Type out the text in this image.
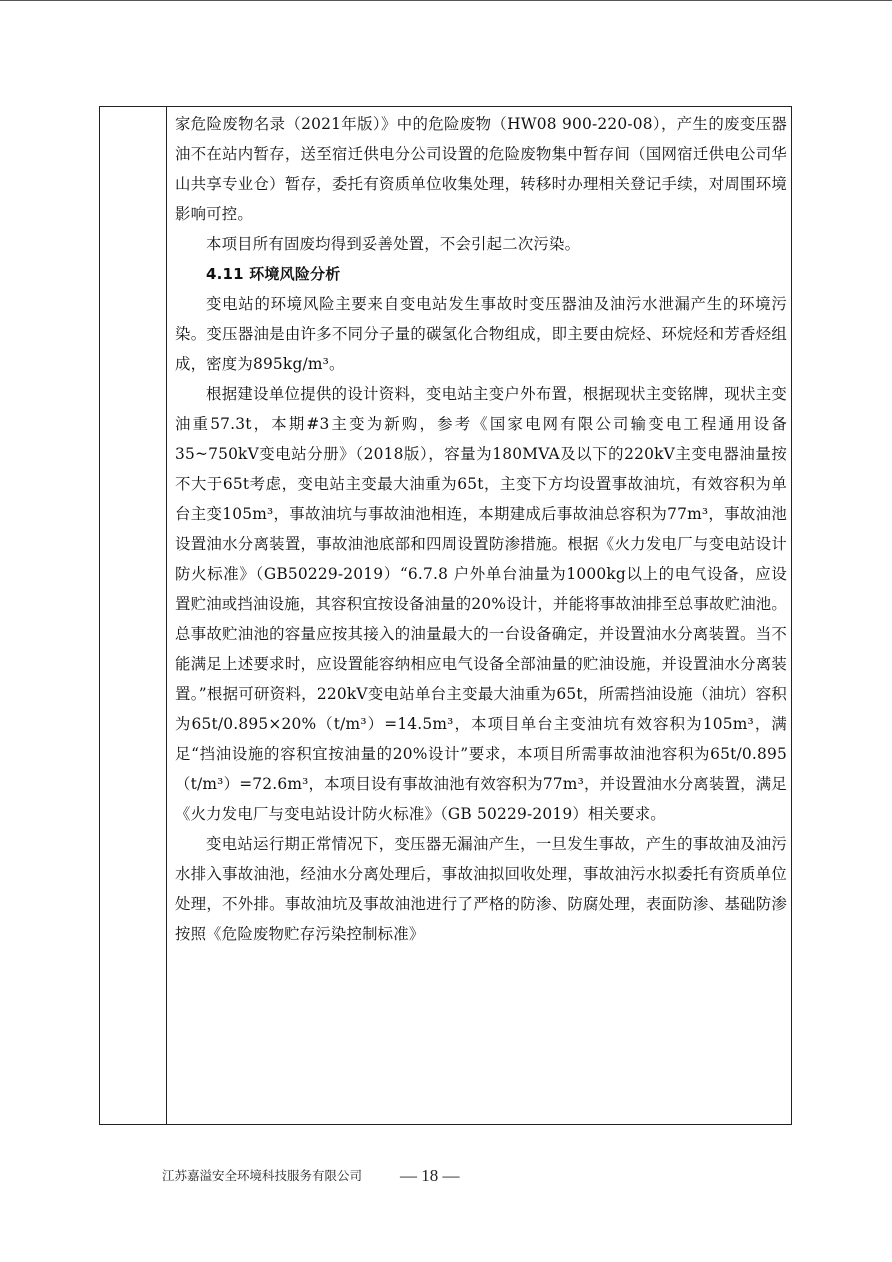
家危险废物名录（2021年版）》中的危险废物（HW08 900-220-08），产生的废变压器油不在站内暂存，送至宿迁供电分公司设置的危险废物集中暂存间（国网宿迁供电公司华山共享专业仓）暂存，委托有资质单位收集处理，转移时办理相关登记手续，对周围环境影响可控。

本项目所有固废均得到妥善处置，不会引起二次污染。

4.11 环境风险分析

变电站的环境风险主要来自变电站发生事故时变压器油及油污水泄漏产生的环境污染。变压器油是由许多不同分子量的碳氢化合物组成，即主要由烷烃、环烷烃和芳香烃组成，密度为895kg/m³。

根据建设单位提供的设计资料，变电站主变户外布置，根据现状主变铭牌，现状主变油重57.3t，本期#3主变为新购，参考《国家电网有限公司输变电工程通用设备35~750kV变电站分册》（2018版），容量为180MVA及以下的220kV主变电器油量按不大于65t考虑，变电站主变最大油重为65t，主变下方均设置事故油坑，有效容积为单台主变105m³，事故油坑与事故油池相连，本期建成后事故油总容积为77m³，事故油池设置油水分离装置，事故油池底部和四周设置防渗措施。根据《火力发电厂与变电站设计防火标准》（GB50229-2019）“6.7.8 户外单台油量为1000kg以上的电气设备，应设置贮油或挡油设施，其容积宜按设备油量的20%设计，并能将事故油排至总事故贮油池。总事故贮油池的容量应按其接入的油量最大的一台设备确定，并设置油水分离装置。当不能满足上述要求时，应设置能容纳相应电气设备全部油量的贮油设施，并设置油水分离装置。”根据可研资料，220kV变电站单台主变最大油重为65t，所需挡油设施（油坑）容积为65t/0.895×20%（t/m³）=14.5m³，本项目单台主变油坑有效容积为105m³，满足“挡油设施的容积宜按油量的20%设计”要求，本项目所需事故油池容积为65t/0.895（t/m³）=72.6m³，本项目设有事故油池有效容积为77m³，并设置油水分离装置，满足《火力发电厂与变电站设计防火标准》（GB 50229-2019）相关要求。

变电站运行期正常情况下，变压器无漏油产生，一旦发生事故，产生的事故油及油污水排入事故油池，经油水分离处理后，事故油拟回收处理，事故油污水拟委托有资质单位处理，不外排。事故油坑及事故油池进行了严格的防渗、防腐处理，表面防渗、基础防渗按照《危险废物贮存污染控制标准》

江苏嘉溢安全环境科技服务有限公司 — 18 —
